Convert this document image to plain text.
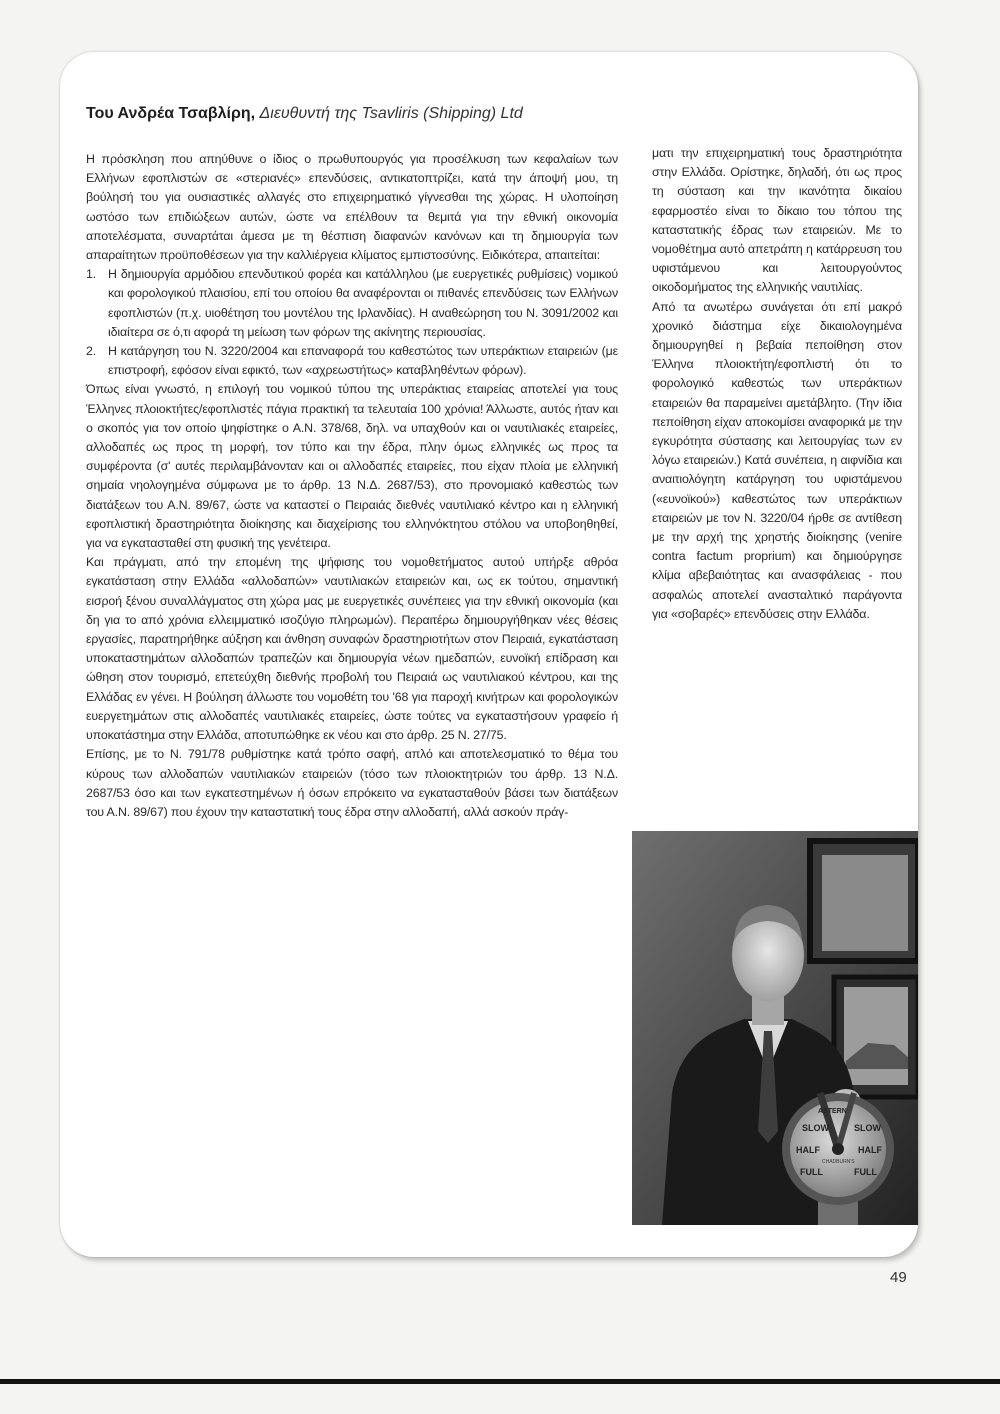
Του Ανδρέα Τσαβλίρη, Διευθυντή της Tsavliris (Shipping) Ltd

Η πρόσκληση που απηύθυνε ο ίδιος ο πρωθυπουργός για προσέλκυση των κεφαλαίων των Ελλήνων εφοπλιστών σε «στεριανές» επενδύσεις, αντικατοπτρίζει, κατά την άποψή μου, τη βούλησή του για ουσιαστικές αλλαγές στο επιχειρηματικό γίγνεσθαι της χώρας. Η υλοποίηση ωστόσο των επιδιώξεων αυτών, ώστε να επέλθουν τα θεμιτά για την εθνική οικονομία αποτελέσματα, συναρτάται άμεσα με τη θέσπιση διαφανών κανόνων και τη δημιουργία των απαραίτητων προϋποθέσεων για την καλλιέργεια κλίματος εμπιστοσύνης. Ειδικότερα, απαιτείται:

1. Η δημιουργία αρμόδιου επενδυτικού φορέα και κατάλληλου (με ευεργετικές ρυθμίσεις) νομικού και φορολογικού πλαισίου, επί του οποίου θα αναφέρονται οι πιθανές επενδύσεις των Ελλήνων εφοπλιστών (π.χ. υιοθέτηση του μοντέλου της Ιρλανδίας). Η αναθεώρηση του Ν. 3091/2002 και ιδιαίτερα σε ό,τι αφορά τη μείωση των φόρων της ακίνητης περιουσίας.
2. Η κατάργηση του Ν. 3220/2004 και επαναφορά του καθεστώτος των υπεράκτιων εταιρειών (με επιστροφή, εφόσον είναι εφικτό, των «αχρεωστήτως» καταβληθέντων φόρων).

Όπως είναι γνωστό, η επιλογή του νομικού τύπου της υπεράκτιας εταιρείας αποτελεί για τους Έλληνες πλοιοκτήτες/εφοπλιστές πάγια πρακτική τα τελευταία 100 χρόνια! Άλλωστε, αυτός ήταν και ο σκοπός για τον οποίο ψηφίστηκε ο Α.Ν. 378/68, δηλ. να υπαχθούν και οι ναυτιλιακές εταιρείες, αλλοδαπές ως προς τη μορφή, τον τύπο και την έδρα, πλην όμως ελληνικές ως προς τα συμφέροντα (σ' αυτές περιλαμβάνονταν και οι αλλοδαπές εταιρείες, που είχαν πλοία με ελληνική σημαία νηολογημένα σύμφωνα με το άρθρ. 13 Ν.Δ. 2687/53), στο προνομιακό καθεστώς των διατάξεων του Α.Ν. 89/67, ώστε να καταστεί ο Πειραιάς διεθνές ναυτιλιακό κέντρο και η ελληνική εφοπλιστική δραστηριότητα διοίκησης και διαχείρισης του ελληνόκτητου στόλου να υποβοηθηθεί, για να εγκατασταθεί στη φυσική της γενέτειρα.

Και πράγματι, από την επομένη της ψήφισης του νομοθετήματος αυτού υπήρξε αθρόα εγκατάσταση στην Ελλάδα «αλλοδαπών» ναυτιλιακών εταιρειών και, ως εκ τούτου, σημαντική εισροή ξένου συναλλάγματος στη χώρα μας με ευεργετικές συνέπειες για την εθνική οικονομία (και δη για το από χρόνια ελλειμματικό ισοζύγιο πληρωμών). Περαιτέρω δημιουργήθηκαν νέες θέσεις εργασίες, παρατηρήθηκε αύξηση και άνθηση συναφών δραστηριοτήτων στον Πειραιά, εγκατάσταση υποκαταστημάτων αλλοδαπών τραπεζών και δημιουργία νέων ημεδαπών, ευνοϊκή επίδραση και ώθηση στον τουρισμό, επετεύχθη διεθνής προβολή του Πειραιά ως ναυτιλιακού κέντρου, και της Ελλάδας εν γένει. Η βούληση άλλωστε του νομοθέτη του '68 για παροχή κινήτρων και φορολογικών ευεργετημάτων στις αλλοδαπές ναυτιλιακές εταιρείες, ώστε τούτες να εγκαταστήσουν γραφείο ή υποκατάστημα στην Ελλάδα, αποτυπώθηκε εκ νέου και στο άρθρ. 25 Ν. 27/75.

Επίσης, με το Ν. 791/78 ρυθμίστηκε κατά τρόπο σαφή, απλό και αποτελεσματικό το θέμα του κύρους των αλλοδαπών ναυτιλιακών εταιρειών (τόσο των πλοιοκτητριών του άρθρ. 13 Ν.Δ. 2687/53 όσο και των εγκατεστημένων ή όσων επρόκειτο να εγκατασταθούν βάσει των διατάξεων του Α.Ν. 89/67) που έχουν την καταστατική τους έδρα στην αλλοδαπή, αλλά ασκούν πράγ-

ματι την επιχειρηματική τους δραστηριότητα στην Ελλάδα. Ορίστηκε, δηλαδή, ότι ως προς τη σύσταση και την ικανότητα δικαίου εφαρμοστέο είναι το δίκαιο του τόπου της καταστατικής έδρας των εταιρειών. Με το νομοθέτημα αυτό απετράπη η κατάρρευση του υφιστάμενου και λειτουργούντος οικοδομήματος της ελληνικής ναυτιλίας.

Από τα ανωτέρω συνάγεται ότι επί μακρό χρονικό διάστημα είχε δικαιολογημένα δημιουργηθεί η βεβαία πεποίθηση στον Έλληνα πλοιοκτήτη/εφοπλιστή ότι το φορολογικό καθεστώς των υπεράκτιων εταιρειών θα παραμείνει αμετάβλητο. (Την ίδια πεποίθηση είχαν αποκομίσει αναφορικά με την εγκυρότητα σύστασης και λειτουργίας των εν λόγω εταιρειών.) Κατά συνέπεια, η αιφνίδια και αναιτιολόγητη κατάργηση του υφιστάμενου («ευνοϊκού») καθεστώτος των υπεράκτιων εταιρειών με τον Ν. 3220/04 ήρθε σε αντίθεση με την αρχή της χρηστής διοίκησης (venire contra factum proprium) και δημιούργησε κλίμα αβεβαιότητας και ανασφάλειας - που ασφαλώς αποτελεί ανασταλτικό παράγοντα για «σοβαρές» επενδύσεις στην Ελλάδα.

SLOW
HALF
FULL
SLOW
HALF
FULL
ASTERN
CHADBURN'S
49
